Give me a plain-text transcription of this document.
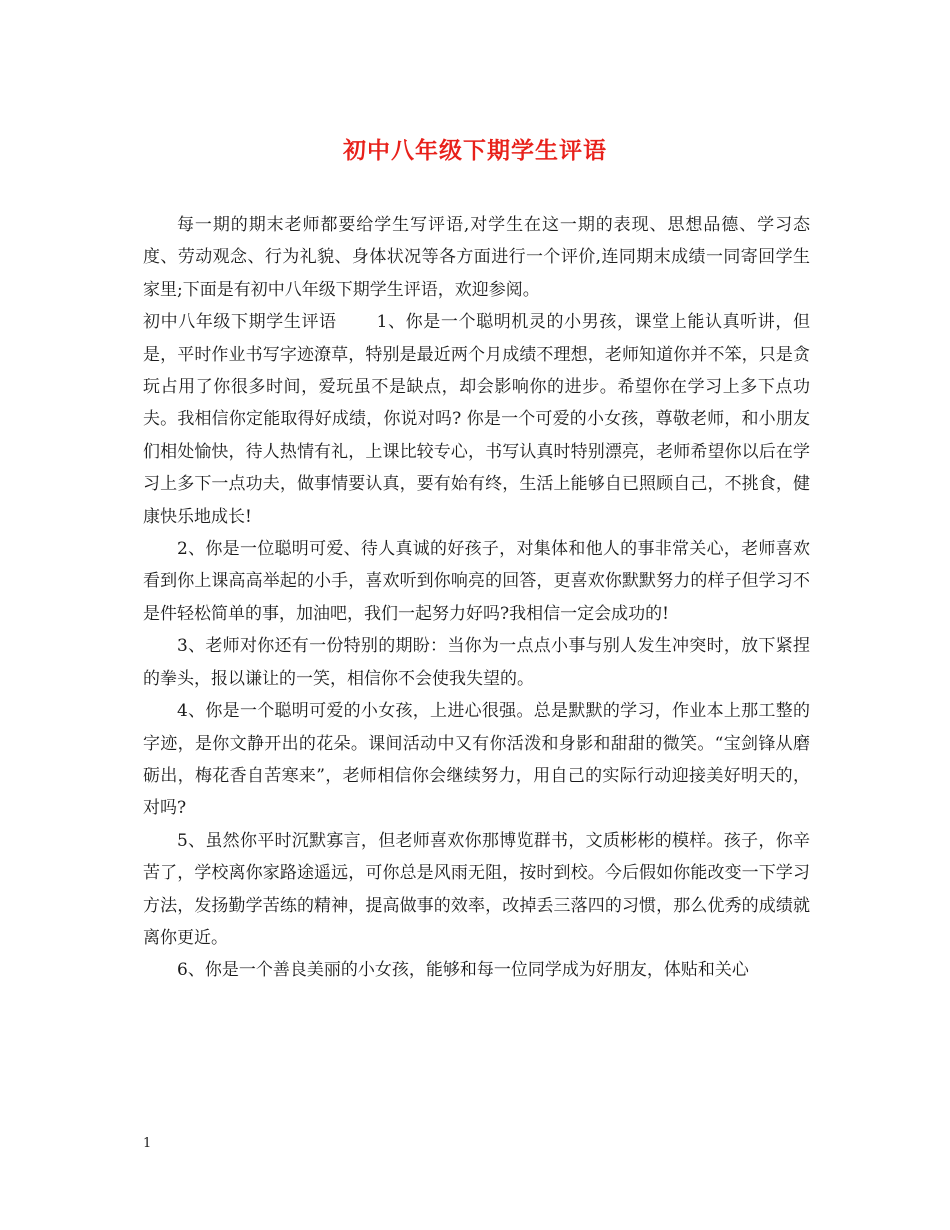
初中八年级下期学生评语

每一期的期末老师都要给学生写评语,对学生在这一期的表现、思想品德、学习态度、劳动观念、行为礼貌、身体状况等各方面进行一个评价,连同期末成绩一同寄回学生家里;下面是有初中八年级下期学生评语，欢迎参阅。

初中八年级下期学生评语 1、你是一个聪明机灵的小男孩，课堂上能认真听讲，但是，平时作业书写字迹潦草，特别是最近两个月成绩不理想，老师知道你并不笨，只是贪玩占用了你很多时间，爱玩虽不是缺点，却会影响你的进步。希望你在学习上多下点功夫。我相信你定能取得好成绩，你说对吗? 你是一个可爱的小女孩，尊敬老师，和小朋友们相处愉快，待人热情有礼，上课比较专心，书写认真时特别漂亮，老师希望你以后在学习上多下一点功夫，做事情要认真，要有始有终，生活上能够自已照顾自己，不挑食，健康快乐地成长!

2、你是一位聪明可爱、待人真诚的好孩子，对集体和他人的事非常关心，老师喜欢看到你上课高高举起的小手，喜欢听到你响亮的回答，更喜欢你默默努力的样子但学习不是件轻松简单的事，加油吧，我们一起努力好吗?我相信一定会成功的!

3、老师对你还有一份特别的期盼：当你为一点点小事与别人发生冲突时，放下紧捏的拳头，报以谦让的一笑，相信你不会使我失望的。

4、你是一个聪明可爱的小女孩，上进心很强。总是默默的学习，作业本上那工整的字迹，是你文静开出的花朵。课间活动中又有你活泼和身影和甜甜的微笑。“宝剑锋从磨砺出，梅花香自苦寒来”，老师相信你会继续努力，用自己的实际行动迎接美好明天的，对吗?

5、虽然你平时沉默寡言，但老师喜欢你那博览群书，文质彬彬的模样。孩子，你辛苦了，学校离你家路途遥远，可你总是风雨无阻，按时到校。今后假如你能改变一下学习方法，发扬勤学苦练的精神，提高做事的效率，改掉丢三落四的习惯，那么优秀的成绩就离你更近。

6、你是一个善良美丽的小女孩，能够和每一位同学成为好朋友，体贴和关心

1
